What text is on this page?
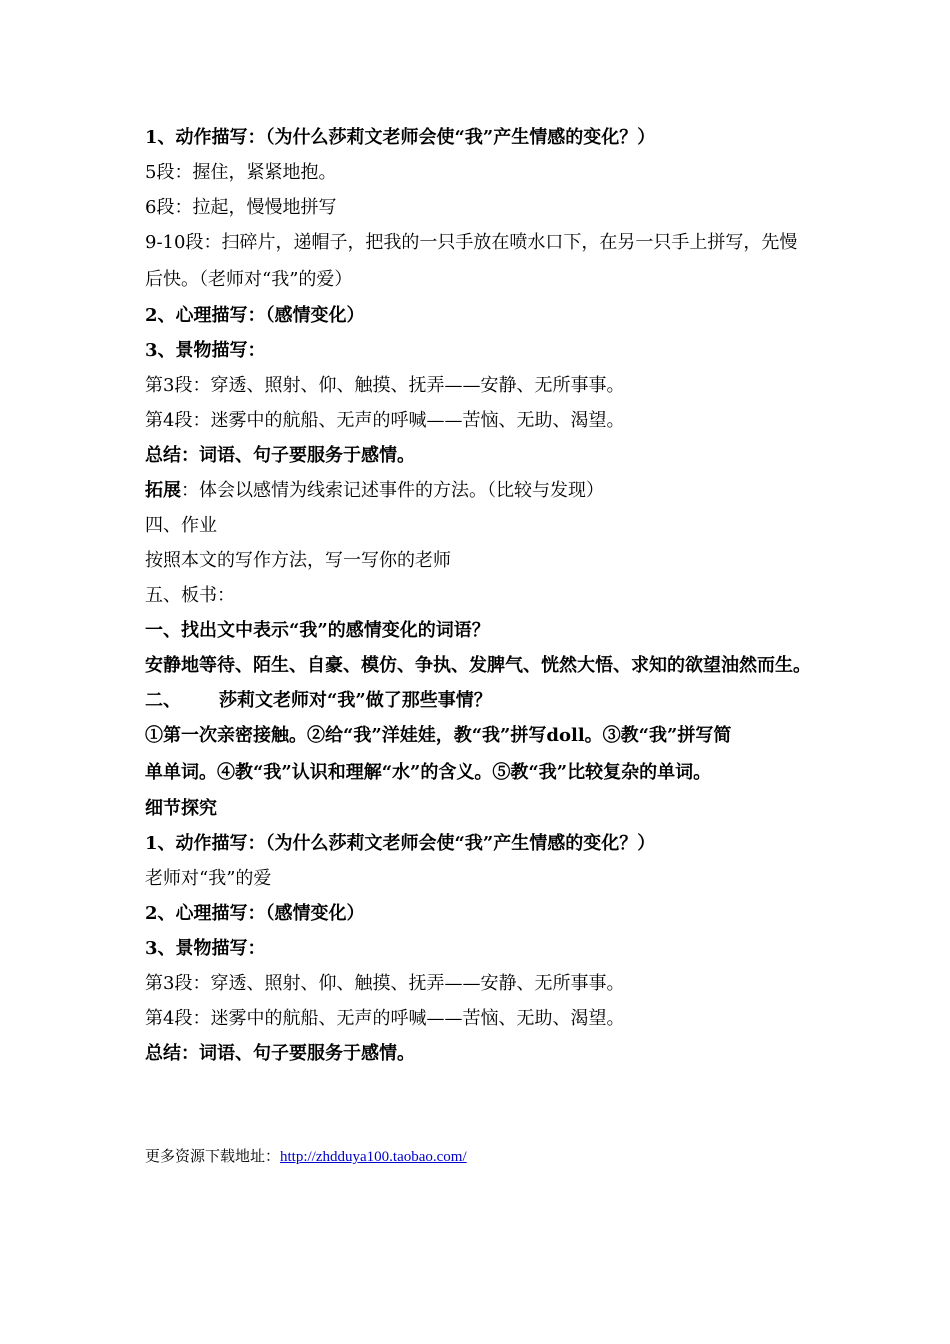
1、动作描写：（为什么莎莉文老师会使“我”产生情感的变化？）
5段：握住，紧紧地抱。
6段：拉起，慢慢地拼写
9-10段：扫碎片，递帽子，把我的一只手放在喷水口下，在另一只手上拼写，先慢
后快。（老师对“我”的爱）
2、心理描写：（感情变化）
3、景物描写：
第3段：穿透、照射、仰、触摸、抚弄——安静、无所事事。
第4段：迷雾中的航船、无声的呼喊——苦恼、无助、渴望。
总结：词语、句子要服务于感情。
拓展：体会以感情为线索记述事件的方法。（比较与发现）
四、作业
按照本文的写作方法，写一写你的老师
五、板书：
一、找出文中表示“我”的感情变化的词语？
安静地等待、陌生、自豪、模仿、争执、发脾气、恍然大悟、求知的欲望油然而生。
二、 莎莉文老师对“我”做了那些事情？
①第一次亲密接触。②给“我”洋娃娃，教“我”拼写doll。③教“我”拼写简
单单词。④教“我”认识和理解“水”的含义。⑤教“我”比较复杂的单词。
细节探究
1、动作描写：（为什么莎莉文老师会使“我”产生情感的变化？）
老师对“我”的爱
2、心理描写：（感情变化）
3、景物描写：
第3段：穿透、照射、仰、触摸、抚弄——安静、无所事事。
第4段：迷雾中的航船、无声的呼喊——苦恼、无助、渴望。
总结：词语、句子要服务于感情。
更多资源下载地址：http://zhdduya100.taobao.com/
